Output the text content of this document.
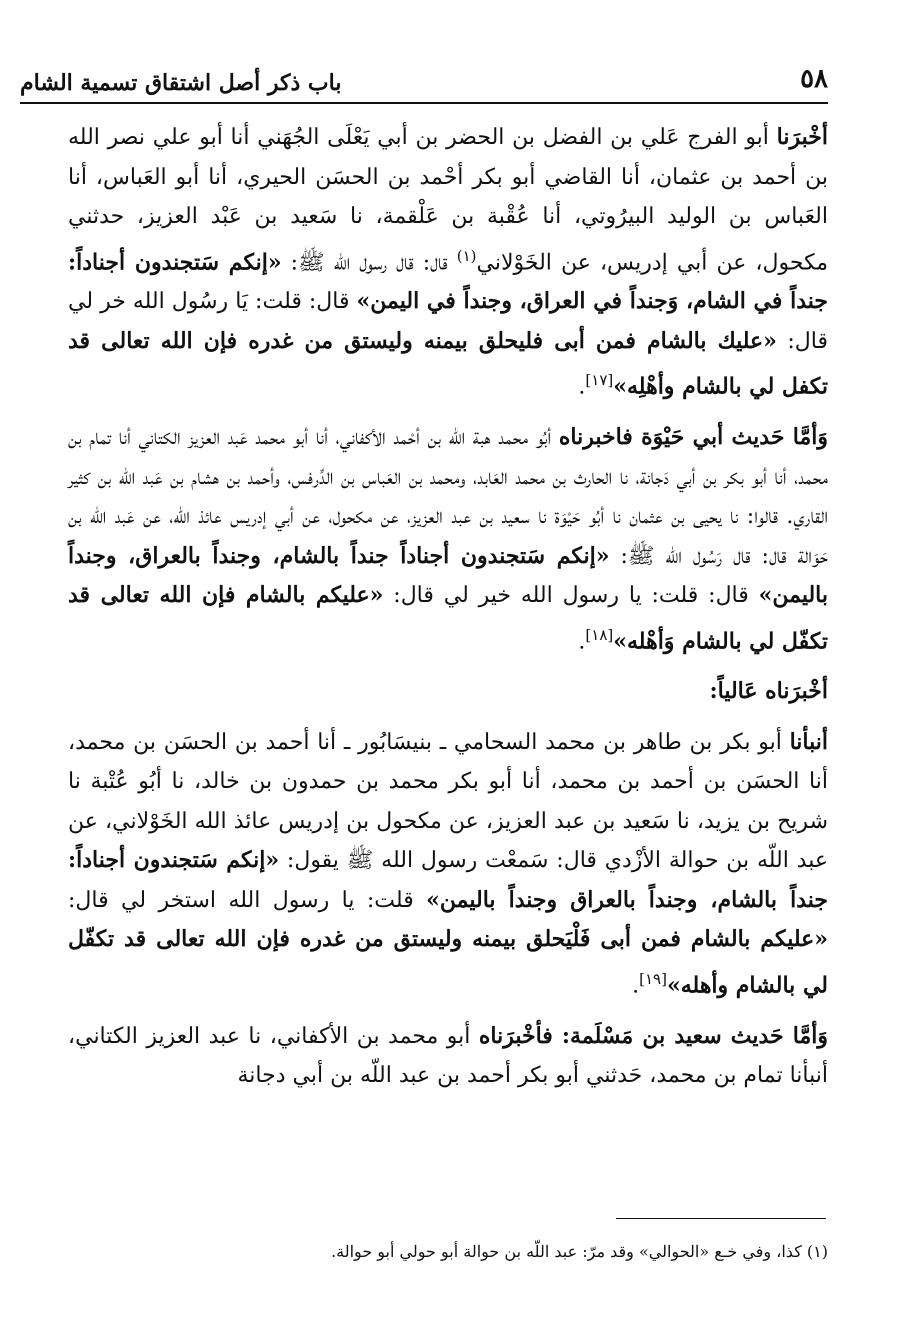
٥٨
باب ذكر أصل اشتقاق تسمية الشام

أخْبرَنا أبو الفرج عَلي بن الفضل بن الحضر بن أبي يَعْلَى الجُهَني أنا أبو علي نصر الله بن أحمد بن عثمان، أنا القاضي أبو بكر أحْمد بن الحسَن الحيري، أنا أبو العَباس، أنا العَباس بن الوليد البيرُوتي، أنا عُقْبة بن عَلْقمة، نا سَعيد بن عَبْد العزيز، حدثني مكحول، عن أبي إدريس، عن الخَوْلاني$^{(١)}$ قال: قال رسول الله ﷺ: «إنكم سَتجندون أجناداً: جنداً في الشام، وَجنداً في العراق، وجنداً في اليمن» قال: قلت: يَا رسُول الله خر لي قال: «عليك بالشام فمن أبى فليحلق بيمنه وليستق من غدره فإن الله تعالى قد تكفل لي بالشام وأهْلِه»[١٧].

وَأمَّا حَديث أبي حَيْوَة فاخبرناه أبُو محمد هبة الله بن أحْمد الأكفاني، أنا أبو محمد عَبد العزيز الكتاني أنا تمام بن محمد، أنا أبو بكر بن أبي دَجانة، نا الحارث بن محمد العَابد، ومحمد بن العَباس بن الدِّرفس، وأحمد بن هشام بن عَبد الله بن كثير القاري. قالوا: نا يحيى بن عثمان نا أبُو حَيْوَة نا سعيد بن عبد العزيز، عن مكحول، عن أبي إدريس عائذ الله، عن عَبد الله بن حَوَالة قال: قال رَسُول الله ﷺ: «إنكم سَتجندون أجناداً جنداً بالشام، وجنداً بالعراق، وجنداً باليمن» قال: قلت: يا رسول الله خير لي قال: «عليكم بالشام فإن الله تعالى قد تكفّل لي بالشام وَأهْله»[١٨].

أخْبرَناه عَالياً:

أنبأنا أبو بكر بن طاهر بن محمد السحامي ـ بنيسَابُور ـ أنا أحمد بن الحسَن بن محمد، أنا الحسَن بن أحمد بن محمد، أنا أبو بكر محمد بن حمدون بن خالد، نا أبُو عُتْبة نا شريح بن يزيد، نا سَعيد بن عبد العزيز، عن مكحول بن إدريس عائذ الله الخَوْلاني، عن عبد اللّه بن حوالة الأزْدي قال: سَمعْت رسول الله ﷺ يقول: «إنكم سَتجندون أجناداً: جنداً بالشام، وجنداً بالعراق وجنداً باليمن» قلت: يا رسول الله استخر لي قال: «عليكم بالشام فمن أبى فَلْيَحلق بيمنه وليستق من غدره فإن الله تعالى قد تكفّل لي بالشام وأهله»[١٩].

وَأمَّا حَديث سعيد بن مَسْلَمة: فأخْبرَناه أبو محمد بن الأكفاني، نا عبد العزيز الكتاني، أنبأنا تمام بن محمد، حَدثني أبو بكر أحمد بن عبد اللّه بن أبي دجانة

(١) كذا، وفي خـع «الحوالي» وقد مرّ: عبد اللّه بن حوالة أبو حولي أبو حوالة.
